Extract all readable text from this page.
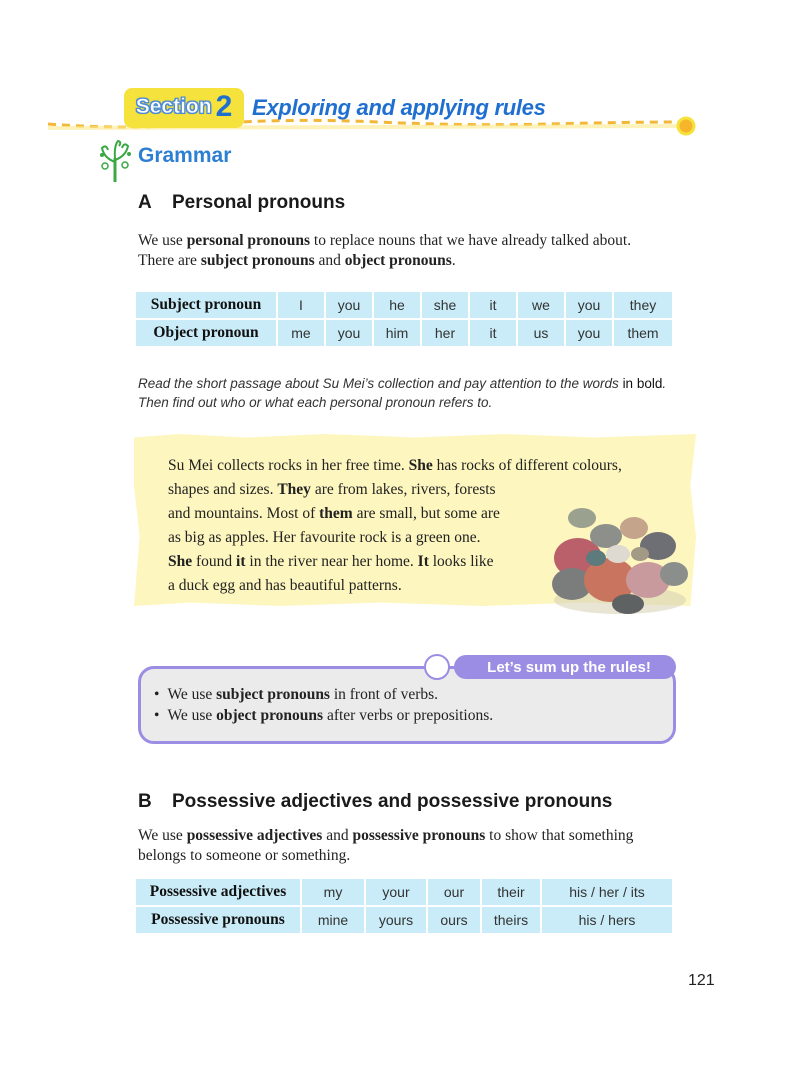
Section 2 Exploring and applying rules
Grammar
A Personal pronouns
We use personal pronouns to replace nouns that we have already talked about.
There are subject pronouns and object pronouns.
Subject pronoun	I	you	he	she	it	we	you	they
Object pronoun	me	you	him	her	it	us	you	them
Read the short passage about Su Mei’s collection and pay attention to the words in bold.
Then find out who or what each personal pronoun refers to.

Su Mei collects rocks in her free time. She has rocks of different colours,

shapes and sizes. They are from lakes, rivers, forests

and mountains. Most of them are small, but some are

as big as apples. Her favourite rock is a green one.

She found it in the river near her home. It looks like

a duck egg and has beautiful patterns.

Let’s sum up the rules!
• We use subject pronouns in front of verbs.
• We use object pronouns after verbs or prepositions.
B Possessive adjectives and possessive pronouns
We use possessive adjectives and possessive pronouns to show that something
belongs to someone or something.
Possessive adjectives	my	your	our	their	his / her / its
Possessive pronouns	mine	yours	ours	theirs	his / hers
121
